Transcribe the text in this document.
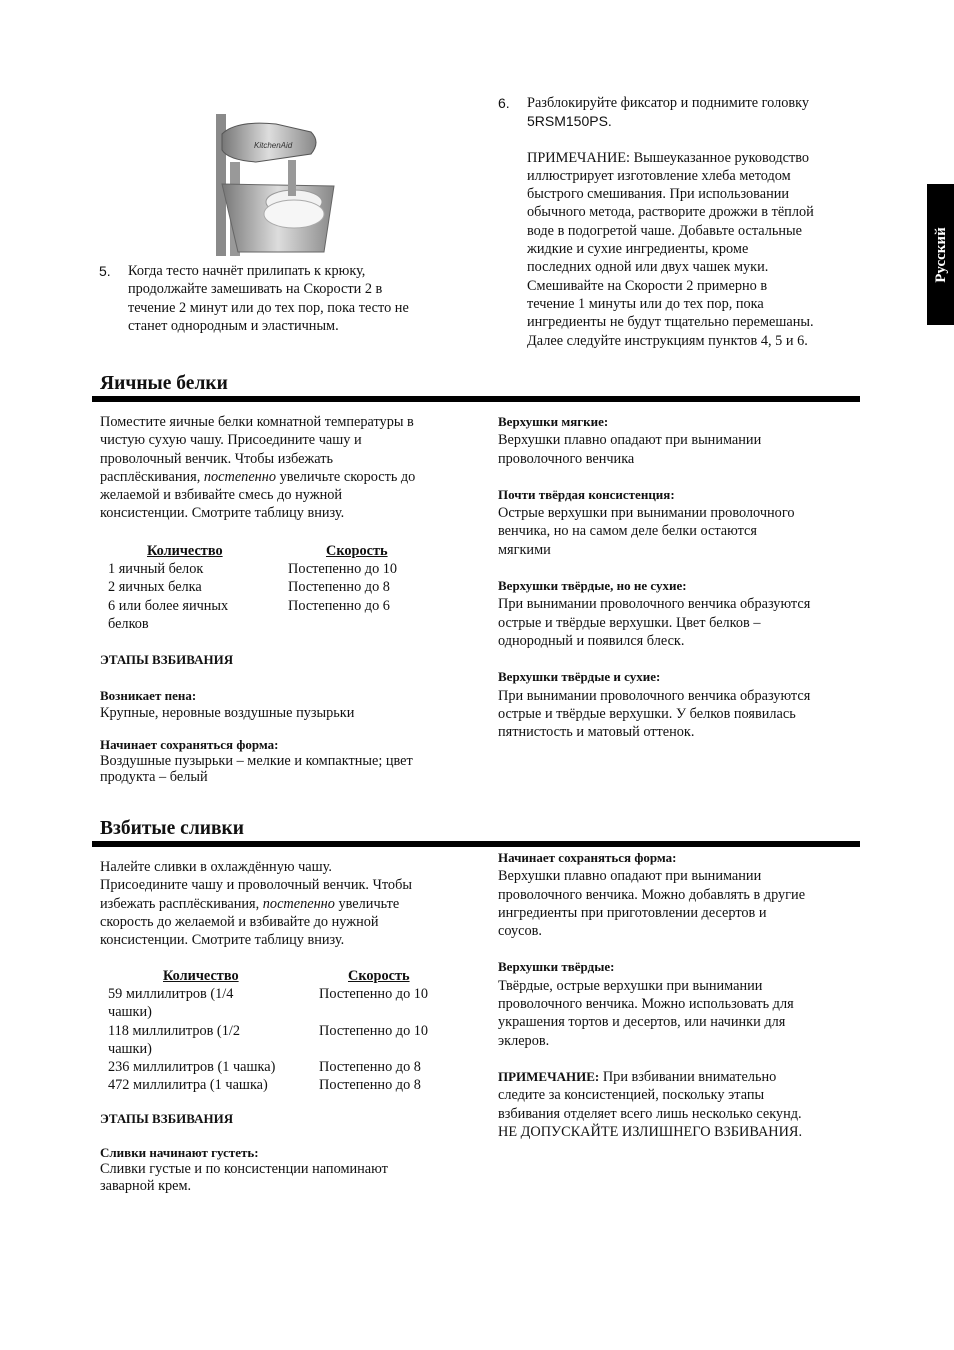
KitchenAid
Русский
5. Когда тесто начнёт прилипать к крюку,
продолжайте замешивать на Скорости 2 в
течение 2 минут или до тех пор, пока тесто не
станет однородным и эластичным.
6. Разблокируйте фиксатор и поднимите головку
5RSM150PS.
ПРИМЕЧАНИЕ: Вышеуказанное руководство
иллюстрирует изготовление хлеба методом
быстрого смешивания. При использовании
обычного метода, растворите дрожжи в тёплой
воде в подогретой чаше. Добавьте остальные
жидкие и сухие ингредиенты, кроме
последних одной или двух чашек муки.
Смешивайте на Скорости 2 примерно в
течение 1 минуты или до тех пор, пока
ингредиенты не будут тщательно перемешаны.
Далее следуйте инструкциям пунктов 4, 5 и 6.
Яичные белки
Поместите яичные белки комнатной температуры в
чистую сухую чашу. Присоедините чашу и
проволочный венчик. Чтобы избежать
расплёскивания, постепенно увеличьте скорость до
желаемой и взбивайте смесь до нужной
консистенции. Смотрите таблицу внизу.
Количество	Скорость
1 яичный белок
2 яичных белка
6 или более яичных
белков
Постепенно до 10
Постепенно до 8
Постепенно до 6
ЭТАПЫ ВЗБИВАНИЯ
Возникает пена:
Крупные, неровные воздушные пузырьки
Начинает сохраняться форма:
Воздушные пузырьки – мелкие и компактные; цвет
продукта – белый
Верхушки мягкие:
Верхушки плавно опадают при вынимании
проволочного венчика
Почти твёрдая консистенция:
Острые верхушки при вынимании проволочного
венчика, но на самом деле белки остаются
мягкими
Верхушки твёрдые, но не сухие:
При вынимании проволочного венчика образуются
острые и твёрдые верхушки. Цвет белков –
однородный и появился блеск.
Верхушки твёрдые и сухие:
При вынимании проволочного венчика образуются
острые и твёрдые верхушки. У белков появилась
пятнистость и матовый оттенок.
Взбитые сливки
Налейте сливки в охлаждённую чашу.
Присоедините чашу и проволочный венчик. Чтобы
избежать расплёскивания, постепенно увеличьте
скорость до желаемой и взбивайте до нужной
консистенции. Смотрите таблицу внизу.
Количество	Скорость
59 миллилитров (1/4
чашки)
118 миллилитров (1/2
чашки)
236 миллилитров (1 чашка)
472 миллилитра (1 чашка)
Постепенно до 10
Постепенно до 10
Постепенно до 8
Постепенно до 8
ЭТАПЫ ВЗБИВАНИЯ
Сливки начинают густеть:
Сливки густые и по консистенции напоминают
заварной крем.
Начинает сохраняться форма:
Верхушки плавно опадают при вынимании
проволочного венчика. Можно добавлять в другие
ингредиенты при приготовлении десертов и
соусов.
Верхушки твёрдые:
Твёрдые, острые верхушки при вынимании
проволочного венчика. Можно использовать для
украшения тортов и десертов, или начинки для
эклеров.
ПРИМЕЧАНИЕ: При взбивании внимательно
следите за консистенцией, поскольку этапы
взбивания отделяет всего лишь несколько секунд.
НЕ ДОПУСКАЙТЕ ИЗЛИШНЕГО ВЗБИВАНИЯ.
